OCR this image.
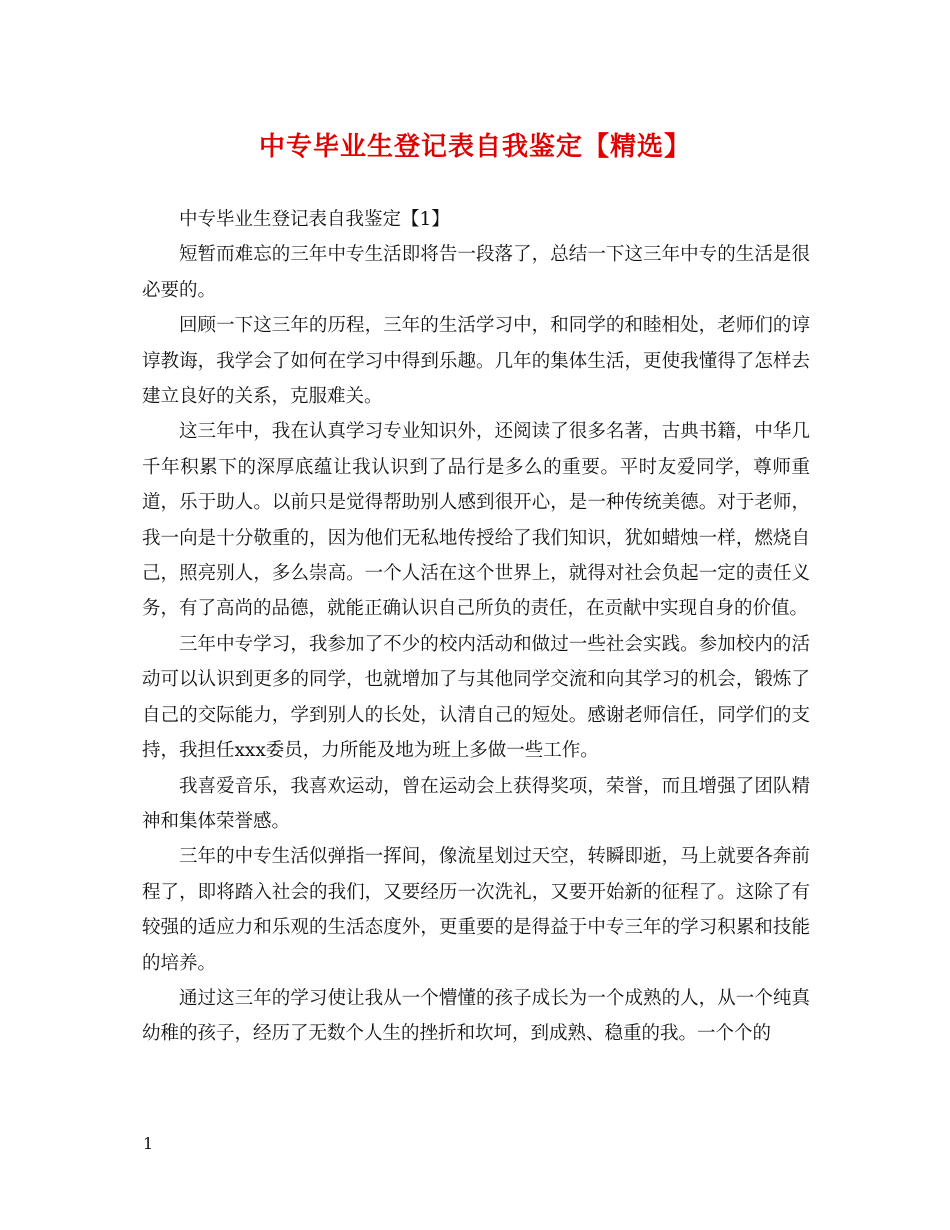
中专毕业生登记表自我鉴定【精选】

中专毕业生登记表自我鉴定【1】

短暂而难忘的三年中专生活即将告一段落了，总结一下这三年中专的生活是很必要的。

回顾一下这三年的历程，三年的生活学习中，和同学的和睦相处，老师们的谆谆教诲，我学会了如何在学习中得到乐趣。几年的集体生活，更使我懂得了怎样去建立良好的关系，克服难关。

这三年中，我在认真学习专业知识外，还阅读了很多名著，古典书籍，中华几千年积累下的深厚底蕴让我认识到了品行是多么的重要。平时友爱同学，尊师重道，乐于助人。以前只是觉得帮助别人感到很开心，是一种传统美德。对于老师，我一向是十分敬重的，因为他们无私地传授给了我们知识，犹如蜡烛一样，燃烧自己，照亮别人，多么崇高。一个人活在这个世界上，就得对社会负起一定的责任义务，有了高尚的品德，就能正确认识自己所负的责任，在贡献中实现自身的价值。

三年中专学习，我参加了不少的校内活动和做过一些社会实践。参加校内的活动可以认识到更多的同学，也就增加了与其他同学交流和向其学习的机会，锻炼了自己的交际能力，学到别人的长处，认清自己的短处。感谢老师信任，同学们的支持，我担任xxx委员，力所能及地为班上多做一些工作。

我喜爱音乐，我喜欢运动，曾在运动会上获得奖项，荣誉，而且增强了团队精神和集体荣誉感。

三年的中专生活似弹指一挥间，像流星划过天空，转瞬即逝，马上就要各奔前程了，即将踏入社会的我们，又要经历一次洗礼，又要开始新的征程了。这除了有较强的适应力和乐观的生活态度外，更重要的是得益于中专三年的学习积累和技能的培养。

通过这三年的学习使让我从一个懵懂的孩子成长为一个成熟的人，从一个纯真幼稚的孩子，经历了无数个人生的挫折和坎坷，到成熟、稳重的我。一个个的

1
